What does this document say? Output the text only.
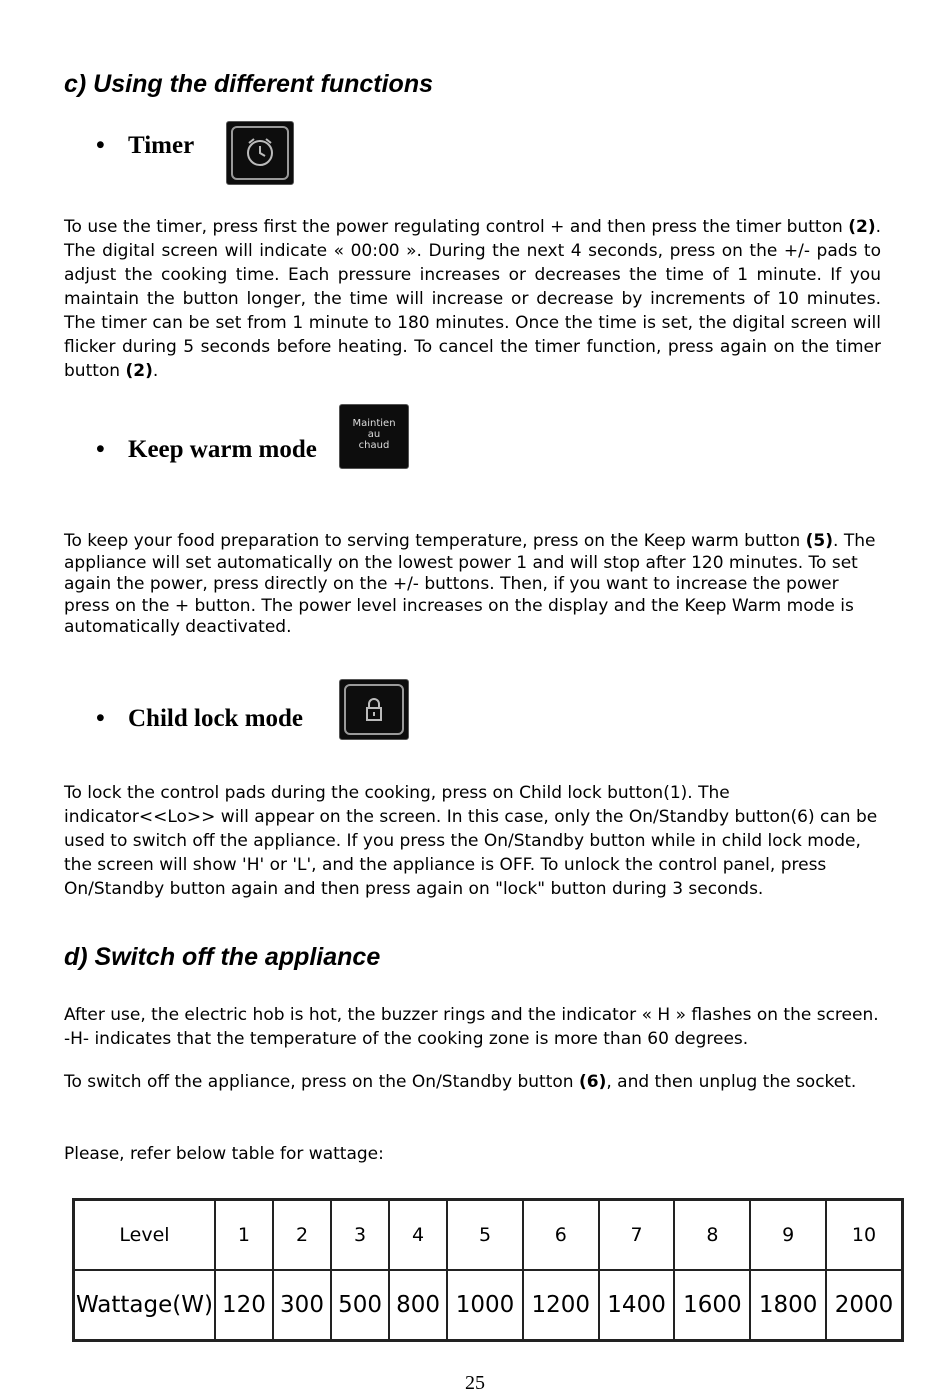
c) Using the different functions
• Timer
To use the timer, press first the power regulating control + and then press the timer button (2). The digital screen will indicate « 00:00 ». During the next 4 seconds, press on the +/- pads to adjust the cooking time. Each pressure increases or decreases the time of 1 minute. If you maintain the button longer, the time will increase or decrease by increments of 10 minutes. The timer can be set from 1 minute to 180 minutes. Once the time is set, the digital screen will flicker during 5 seconds before heating. To cancel the timer function, press again on the timer button (2).
• Keep warm mode
Maintien
au
chaud
To keep your food preparation to serving temperature, press on the Keep warm button (5). The appliance will set automatically on the lowest power 1 and will stop after 120 minutes. To set again the power, press directly on the +/- buttons. Then, if you want to increase the power press on the + button. The power level increases on the display and the Keep Warm mode is automatically deactivated.
• Child lock mode
To lock the control pads during the cooking, press on Child lock button(1). The indicator<<Lo>> will appear on the screen. In this case, only the On/Standby button(6) can be used to switch off the appliance. If you press the On/Standby button while in child lock mode, the screen will show 'H' or 'L', and the appliance is OFF. To unlock the control panel, press On/Standby button again and then press again on "lock" button during 3 seconds.
d) Switch off the appliance
After use, the electric hob is hot, the buzzer rings and the indicator « H » flashes on the screen. -H- indicates that the temperature of the cooking zone is more than 60 degrees.
To switch off the appliance, press on the On/Standby button (6), and then unplug the socket.
Please, refer below table for wattage:
Level	1	2	3	4	5	6	7	8	9	10
Wattage(W)	120	300	500	800	1000	1200	1400	1600	1800	2000
25
